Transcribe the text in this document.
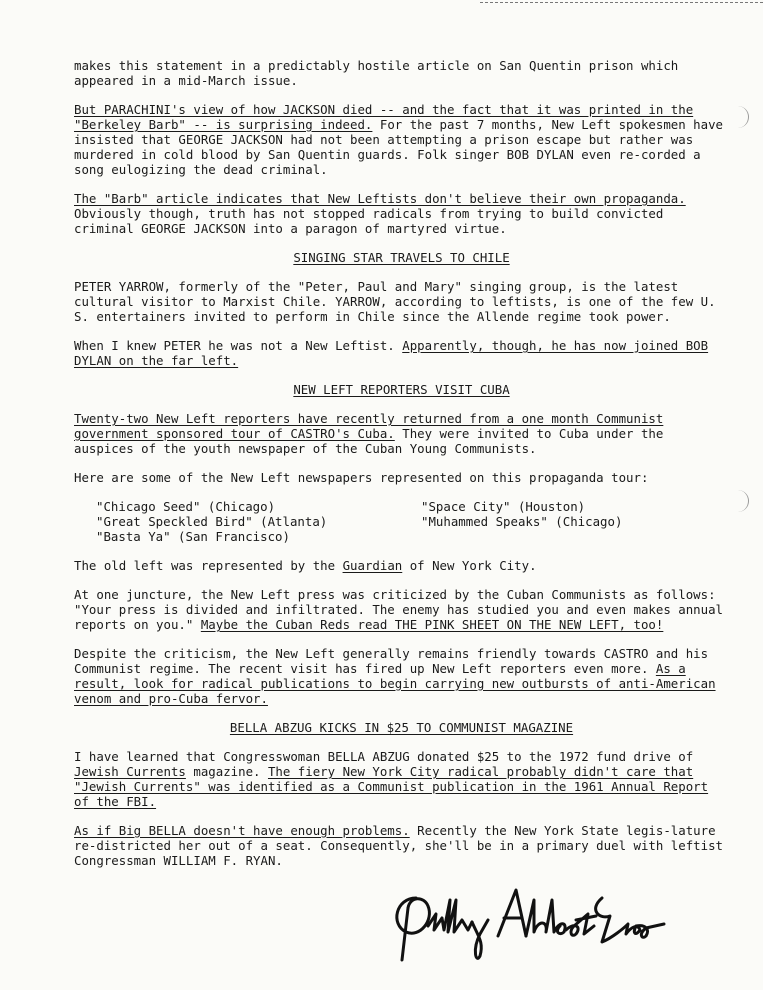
makes this statement in a predictably hostile article on San Quentin prison which appeared in a mid-March issue.

But PARACHINI's view of how JACKSON died -- and the fact that it was printed in the "Berkeley Barb" -- is surprising indeed. For the past 7 months, New Left spokesmen have insisted that GEORGE JACKSON had not been attempting a prison escape but rather was murdered in cold blood by San Quentin guards. Folk singer BOB DYLAN even re-corded a song eulogizing the dead criminal.

The "Barb" article indicates that New Leftists don't believe their own propaganda. Obviously though, truth has not stopped radicals from trying to build convicted criminal GEORGE JACKSON into a paragon of martyred virtue.

SINGING STAR TRAVELS TO CHILE

PETER YARROW, formerly of the "Peter, Paul and Mary" singing group, is the latest cultural visitor to Marxist Chile. YARROW, according to leftists, is one of the few U. S. entertainers invited to perform in Chile since the Allende regime took power.

When I knew PETER he was not a New Leftist. Apparently, though, he has now joined BOB DYLAN on the far left.

NEW LEFT REPORTERS VISIT CUBA

Twenty-two New Left reporters have recently returned from a one month Communist government sponsored tour of CASTRO's Cuba. They were invited to Cuba under the auspices of the youth newspaper of the Cuban Young Communists.

Here are some of the New Left newspapers represented on this propaganda tour:

"Chicago Seed" (Chicago)
"Great Speckled Bird" (Atlanta)
"Basta Ya" (San Francisco)
"Space City" (Houston)
"Muhammed Speaks" (Chicago)

The old left was represented by the Guardian of New York City.

At one juncture, the New Left press was criticized by the Cuban Communists as follows: "Your press is divided and infiltrated. The enemy has studied you and even makes annual reports on you." Maybe the Cuban Reds read THE PINK SHEET ON THE NEW LEFT, too!

Despite the criticism, the New Left generally remains friendly towards CASTRO and his Communist regime. The recent visit has fired up New Left reporters even more. As a result, look for radical publications to begin carrying new outbursts of anti-American venom and pro-Cuba fervor.

BELLA ABZUG KICKS IN $25 TO COMMUNIST MAGAZINE

I have learned that Congresswoman BELLA ABZUG donated $25 to the 1972 fund drive of Jewish Currents magazine. The fiery New York City radical probably didn't care that "Jewish Currents" was identified as a Communist publication in the 1961 Annual Report of the FBI.

As if Big BELLA doesn't have enough problems. Recently the New York State legis-lature re-districted her out of a seat. Consequently, she'll be in a primary duel with leftist Congressman WILLIAM F. RYAN.
